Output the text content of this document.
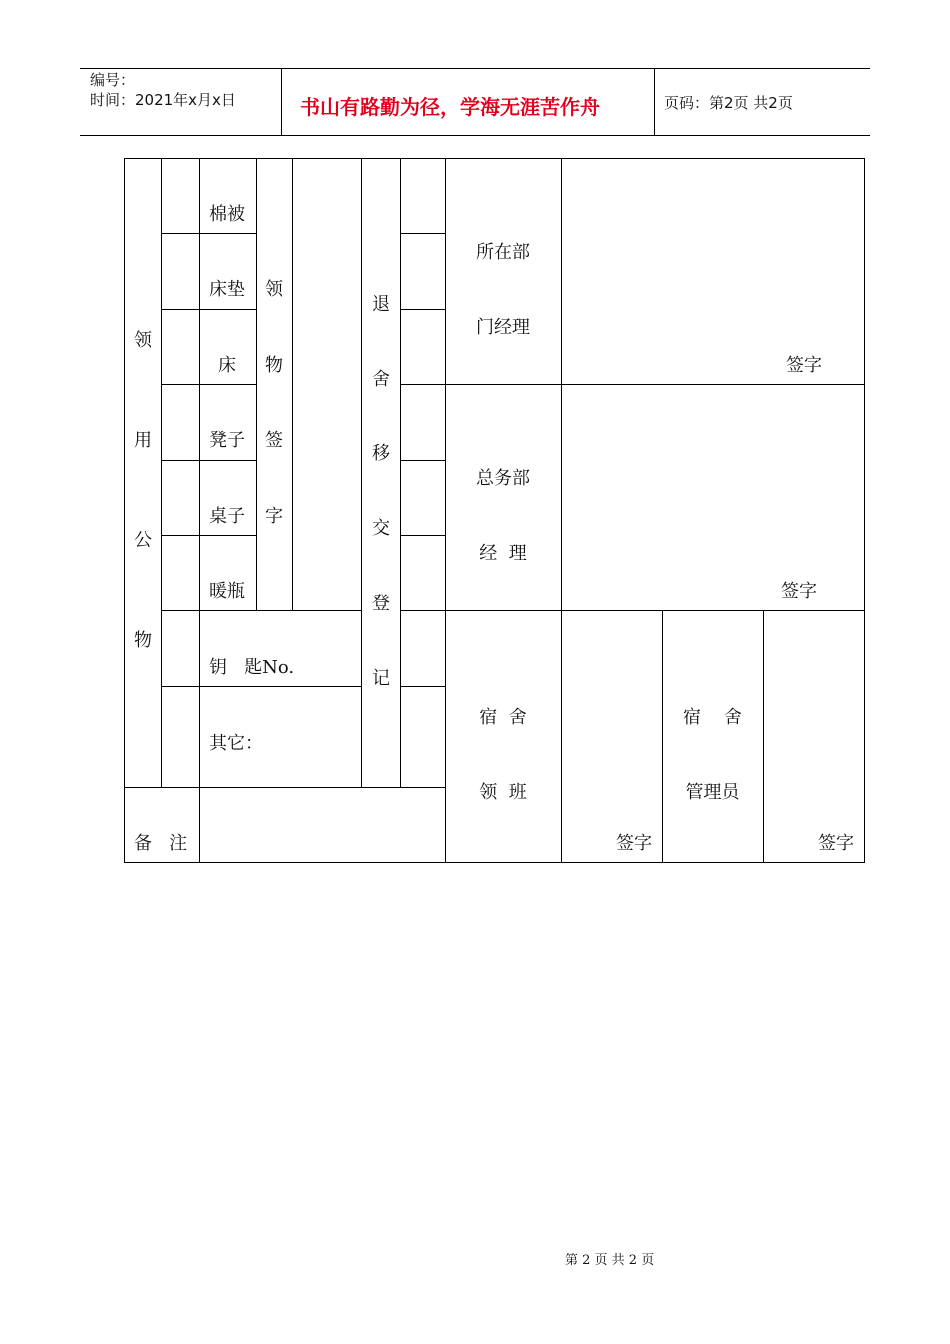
编号：
时间：2021年x月x日	书山有路勤为径，学海无涯苦作舟	页码：第2页 共2页
领
用
公
物
棉被
床垫
床
凳子
桌子
暖瓶
领
物
签
字
钥   匙No.
其它：
备   注
退
舍
移
交
登
记
所在部
门经理
签字
总务部
经  理
签字
宿  舍
领  班
签字
宿    舍
管理员
签字
第 2 页 共 2 页
